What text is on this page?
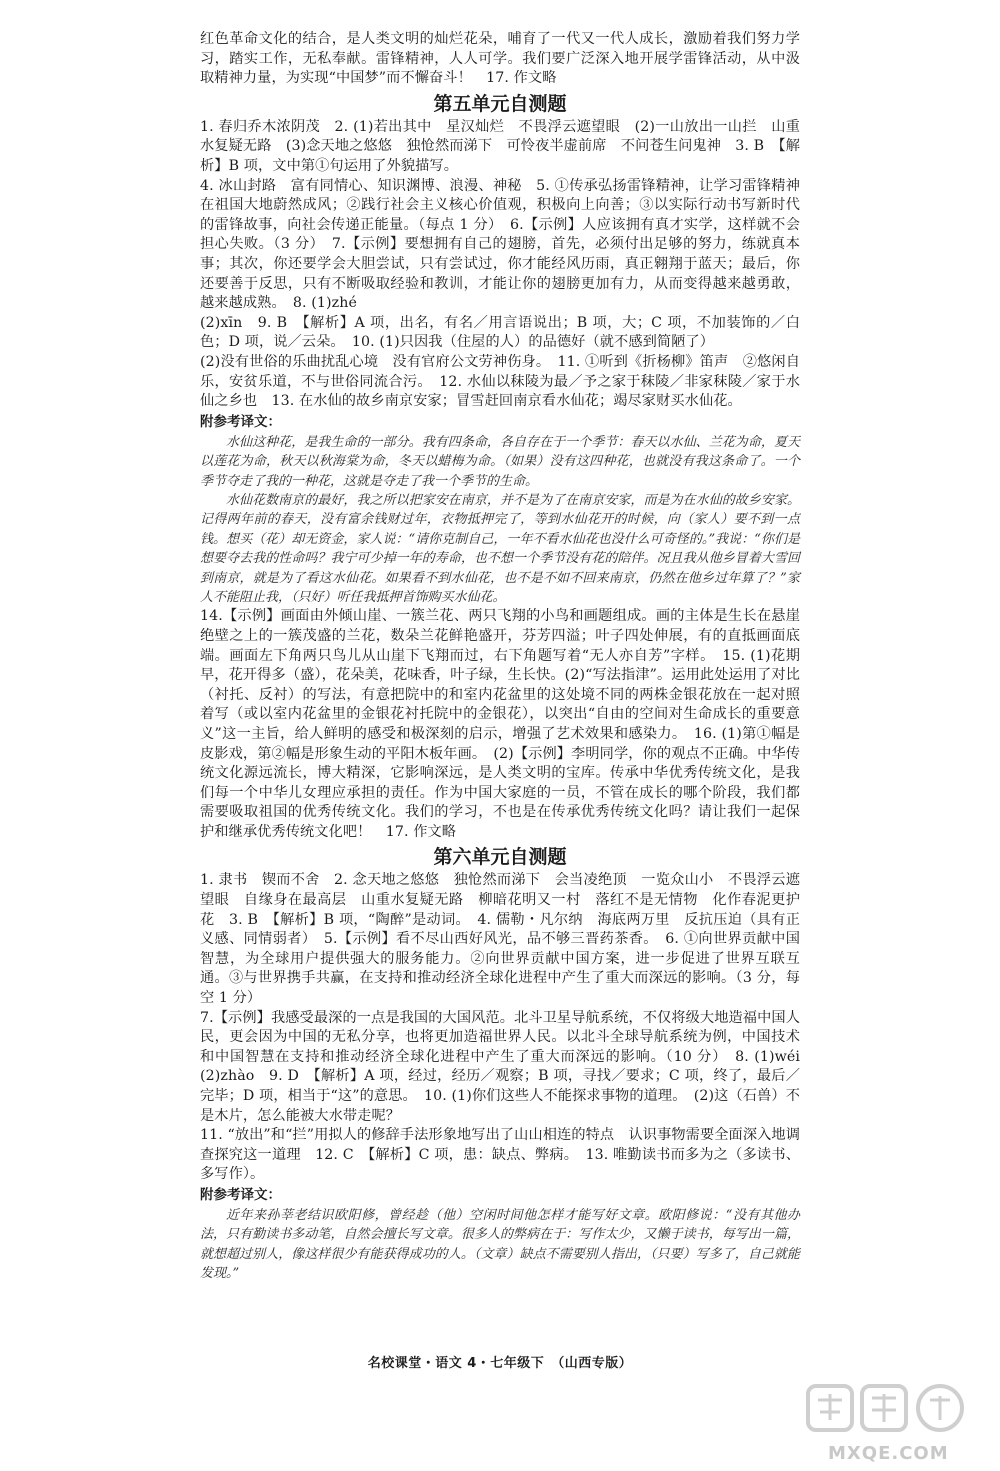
红色革命文化的结合，是人类文明的灿烂花朵，哺育了一代又一代人成长，激励着我们努力学习，踏实工作，无私奉献。雷锋精神，人人可学。我们要广泛深入地开展学雷锋活动，从中汲取精神力量，为实现“中国梦”而不懈奋斗！　17. 作文略

第五单元自测题

1. 春归乔木浓阴茂　2. (1)若出其中　星汉灿烂　不畏浮云遮望眼　(2)一山放出一山拦　山重水复疑无路　(3)念天地之悠悠　独怆然而涕下　可怜夜半虚前席　不问苍生问鬼神　3. B　【解析】B 项，文中第①句运用了外貌描写。

4. 冰山封路　富有同情心、知识渊博、浪漫、神秘　5. ①传承弘扬雷锋精神，让学习雷锋精神在祖国大地蔚然成风；②践行社会主义核心价值观，积极向上向善；③以实际行动书写新时代的雷锋故事，向社会传递正能量。（每点 1 分）　6.【示例】人应该拥有真才实学，这样就不会担心失败。（3 分）　7.【示例】要想拥有自己的翅膀，首先，必须付出足够的努力，练就真本事；其次，你还要学会大胆尝试，只有尝试过，你才能经风历雨，真正翱翔于蓝天；最后，你还要善于反思，只有不断吸取经验和教训，才能让你的翅膀更加有力，从而变得越来越勇敢，越来越成熟。　8. (1)zhé

(2)xīn　9. B　【解析】A 项，出名，有名／用言语说出；B 项，大；C 项，不加装饰的／白色；D 项，说／云朵。　10. (1)只因我（住屋的人）的品德好（就不感到简陋了）

(2)没有世俗的乐曲扰乱心境　没有官府公文劳神伤身。　11. ①听到《折杨柳》笛声　②悠闲自乐，安贫乐道，不与世俗同流合污。　12. 水仙以秣陵为最／予之家于秣陵／非家秣陵／家于水仙之乡也　13. 在水仙的故乡南京安家；冒雪赶回南京看水仙花；竭尽家财买水仙花。

附参考译文：

水仙这种花，是我生命的一部分。我有四条命，各自存在于一个季节：春天以水仙、兰花为命，夏天以莲花为命，秋天以秋海棠为命，冬天以蜡梅为命。（如果）没有这四种花，也就没有我这条命了。一个季节夺走了我的一种花，这就是夺走了我一个季节的生命。

水仙花数南京的最好，我之所以把家安在南京，并不是为了在南京安家，而是为在水仙的故乡安家。记得两年前的春天，没有富余钱财过年，衣物抵押完了，等到水仙花开的时候，向（家人）要不到一点钱。想买（花）却无资金，家人说：“请你克制自己，一年不看水仙花也没什么可奇怪的。”我说：“你们是想要夺去我的性命吗？我宁可少掉一年的寿命，也不想一个季节没有花的陪伴。况且我从他乡冒着大雪回到南京，就是为了看这水仙花。如果看不到水仙花，也不是不如不回来南京，仍然在他乡过年算了？”家人不能阻止我，（只好）听任我抵押首饰购买水仙花。

14.【示例】画面由外倾山崖、一簇兰花、两只飞翔的小鸟和画题组成。画的主体是生长在悬崖绝壁之上的一簇茂盛的兰花，数朵兰花鲜艳盛开，芬芳四溢；叶子四处伸展，有的直抵画面底端。画面左下角两只鸟儿从山崖下飞翔而过，右下角题写着“无人亦自芳”字样。　15. (1)花期早，花开得多（盛），花朵美，花味香，叶子绿，生长快。(2)“写法指津”。运用此处运用了对比（衬托、反衬）的写法，有意把院中的和室内花盆里的这处境不同的两株金银花放在一起对照着写（或以室内花盆里的金银花衬托院中的金银花），以突出“自由的空间对生命成长的重要意义”这一主旨，给人鲜明的感受和极深刻的启示，增强了艺术效果和感染力。　16. (1)第①幅是皮影戏，第②幅是形象生动的平阳木板年画。　(2)【示例】李明同学，你的观点不正确。中华传统文化源远流长，博大精深，它影响深远，是人类文明的宝库。传承中华优秀传统文化，是我们每一个中华儿女理应承担的责任。作为中国大家庭的一员，不管在成长的哪个阶段，我们都需要吸取祖国的优秀传统文化。我们的学习，不也是在传承优秀传统文化吗？请让我们一起保护和继承优秀传统文化吧！　17. 作文略

第六单元自测题

1. 隶书　锲而不舍　2. 念天地之悠悠　独怆然而涕下　会当凌绝顶　一览众山小　不畏浮云遮望眼　自缘身在最高层　山重水复疑无路　柳暗花明又一村　落红不是无情物　化作春泥更护花　3. B　【解析】B 项，“陶醉”是动词。　4. 儒勒・凡尔纳　海底两万里　反抗压迫（具有正义感、同情弱者）　5.【示例】看不尽山西好风光，品不够三晋药茶香。　6. ①向世界贡献中国智慧，为全球用户提供强大的服务能力。②向世界贡献中国方案，进一步促进了世界互联互通。③与世界携手共赢，在支持和推动经济全球化进程中产生了重大而深远的影响。（3 分，每空 1 分）

7.【示例】我感受最深的一点是我国的大国风范。北斗卫星导航系统，不仅将级大地造福中国人民，更会因为中国的无私分享，也将更加造福世界人民。以北斗全球导航系统为例，中国技术和中国智慧在支持和推动经济全球化进程中产生了重大而深远的影响。（10 分）　8. (1)wéi　(2)zhào　9. D　【解析】A 项，经过，经历／观察；B 项，寻找／要求；C 项，终了，最后／完毕；D 项，相当于“这”的意思。　10. (1)你们这些人不能探求事物的道理。　(2)这（石兽）不是木片，怎么能被大水带走呢？

11. “放出”和“拦”用拟人的修辞手法形象地写出了山山相连的特点　认识事物需要全面深入地调查探究这一道理　12. C　【解析】C 项，患：缺点、弊病。　13. 唯勤读书而多为之（多读书、多写作）。

附参考译文：

近年来孙莘老结识欧阳修，曾经趁（他）空闲时间他怎样才能写好文章。欧阳修说：“没有其他办法，只有勤读书多动笔，自然会擅长写文章。很多人的弊病在于：写作太少，又懒于读书，每写出一篇，就想超过别人，像这样很少有能获得成功的人。（文章）缺点不需要别人指出，（只要）写多了，自己就能发现。”

名校课堂・语文 4・七年级下　（山西专版）
MXQE.COM
